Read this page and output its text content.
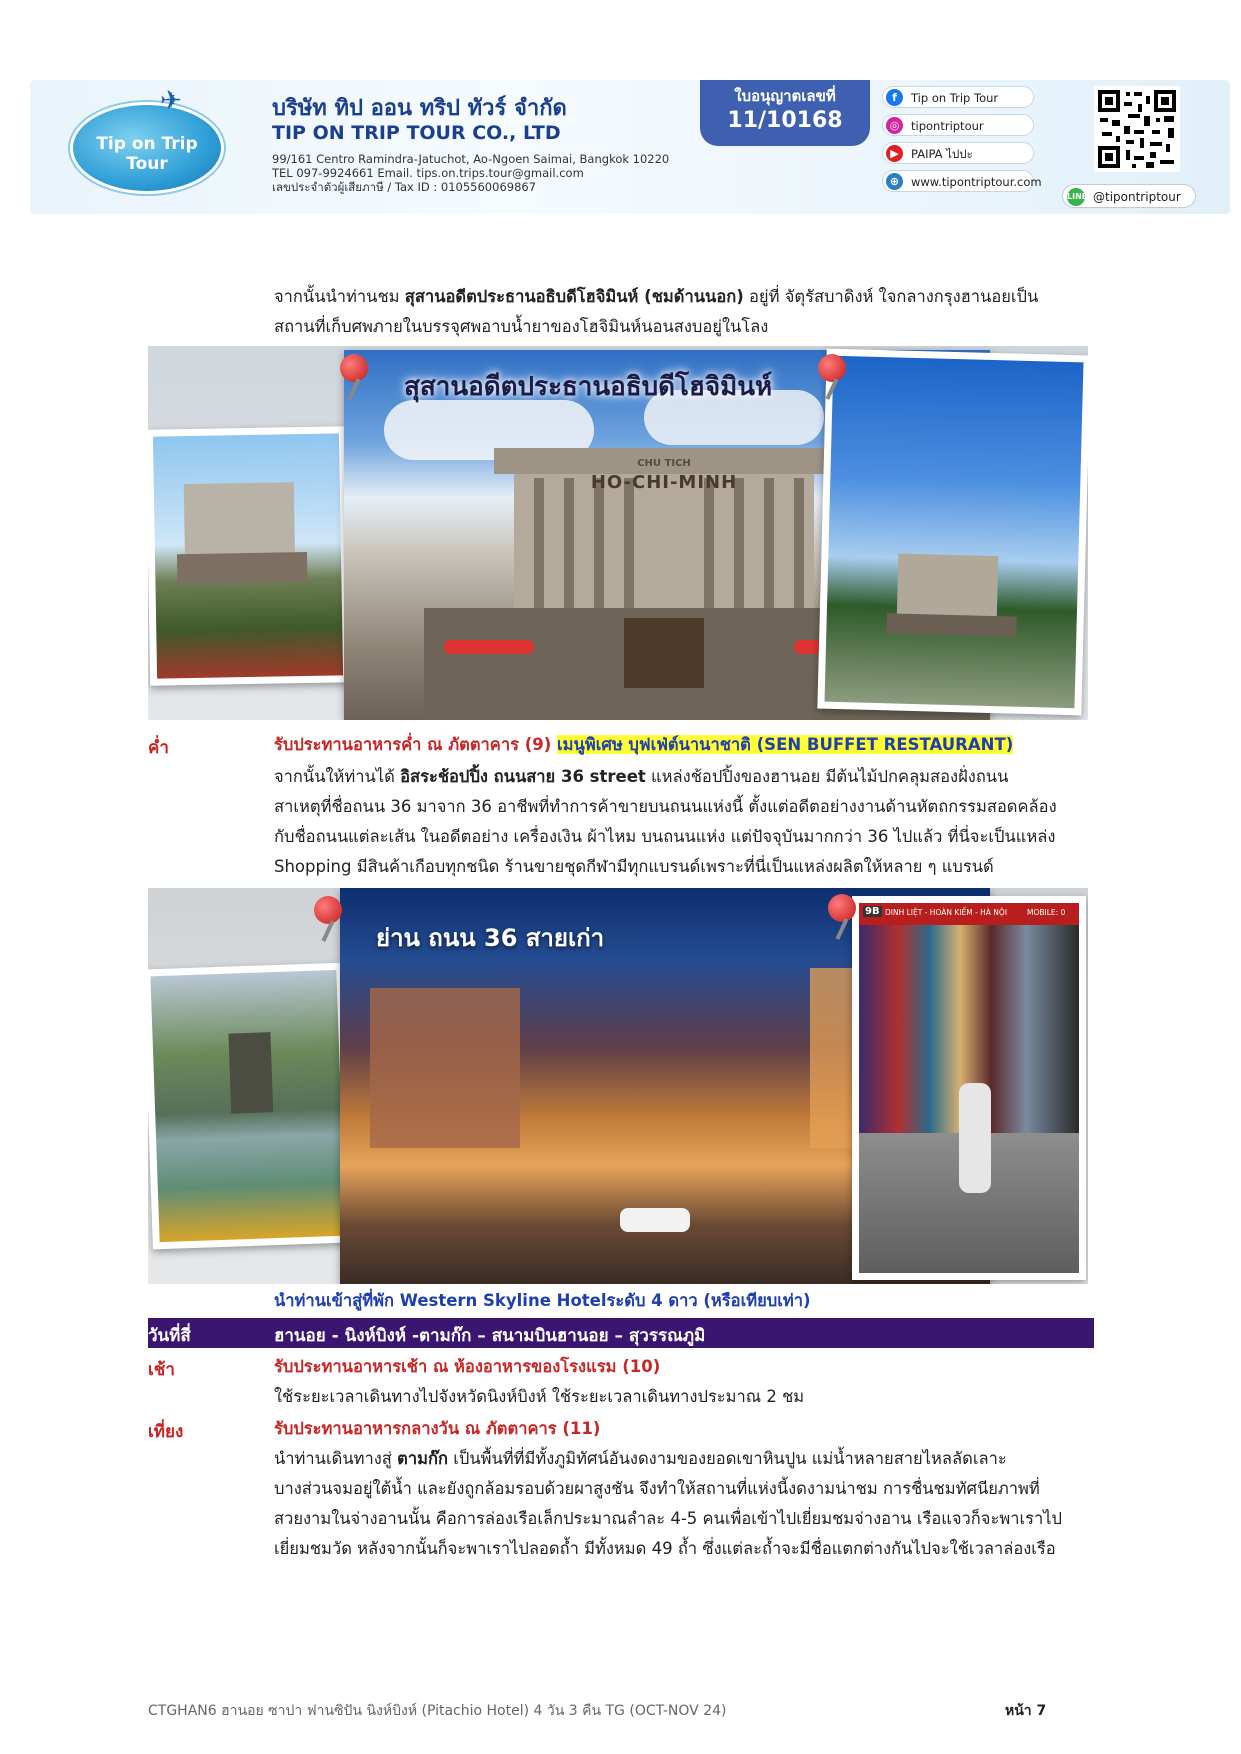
✈
Tip on Trip Tour
บริษัท ทิป ออน ทริป ทัวร์ จำกัด
TIP ON TRIP TOUR CO., LTD
99/161 Centro Ramindra-Jatuchot, Ao-Ngoen Saimai, Bangkok 10220
TEL 097-9924661 Email. tips.on.trips.tour@gmail.com
เลขประจำตัวผู้เสียภาษี / Tax ID : 0105560069867
ใบอนุญาตเลขที่
11/10168
f	Tip on Trip Tour
◎	tipontriptour
▶	PAIPA ไปปะ
⊕	www.tipontriptour.com
LINE @tipontriptour
จากนั้นนำท่านชม สุสานอดีตประธานอธิบดีโฮจิมินห์ (ชมด้านนอก) อยู่ที่ จัตุรัสบาดิงห์ ใจกลางกรุงฮานอยเป็น
สถานที่เก็บศพภายในบรรจุศพอาบน้ำยาของโฮจิมินห์นอนสงบอยู่ในโลง
CHU TICH
HO-CHI-MINH
สุสานอดีตประธานอธิบดีโฮจิมินห์
ค่ำ	รับประทานอาหารค่ำ ณ ภัตตาคาร (9) เมนูพิเศษ บุฟเฟ่ต์นานาชาติ (SEN BUFFET RESTAURANT)
จากนั้นให้ท่านได้ อิสระช้อปปิ้ง ถนนสาย 36 street แหล่งช้อปปิ้งของฮานอย มีต้นไม้ปกคลุมสองฝั่งถนน
สาเหตุที่ชื่อถนน 36 มาจาก 36 อาชีพที่ทำการค้าขายบนถนนแห่งนี้ ตั้งแต่อดีตอย่างงานด้านหัตถกรรมสอดคล้อง
กับชื่อถนนแต่ละเส้น ในอดีตอย่าง เครื่องเงิน ผ้าไหม บนถนนแห่ง แต่ปัจจุบันมากกว่า 36 ไปแล้ว ที่นี่จะเป็นแหล่ง
Shopping มีสินค้าเกือบทุกชนิด ร้านขายชุดกีฬามีทุกแบรนด์เพราะที่นี่เป็นแหล่งผลิตให้หลาย ๆ แบรนด์
ย่าน ถนน 36 สายเก่า
9B DINH LIỆT - HOÀN KIẾM - HÀ NỘI	MOBILE: 0
นำท่านเข้าสู่ที่พัก Western Skyline Hotelระดับ 4 ดาว (หรือเทียบเท่า)
วันที่สี่	ฮานอย - นิงห์บิงห์ -ตามก๊ก – สนามบินฮานอย – สุวรรณภูมิ
เช้า	รับประทานอาหารเช้า ณ ห้องอาหารของโรงแรม (10)
ใช้ระยะเวลาเดินทางไปจังหวัดนิงห์บิงห์ ใช้ระยะเวลาเดินทางประมาณ 2 ชม
เที่ยง	รับประทานอาหารกลางวัน ณ ภัตตาคาร (11)
นำท่านเดินทางสู่ ตามก๊ก เป็นพื้นที่ที่มีทั้งภูมิทัศน์อันงดงามของยอดเขาหินปูน แม่น้ำหลายสายไหลลัดเลาะ
บางส่วนจมอยู่ใต้น้ำ และยังถูกล้อมรอบด้วยผาสูงชัน จึงทำให้สถานที่แห่งนี้งดงามน่าชม การชื่นชมทัศนียภาพที่
สวยงามในจ่างอานนั้น คือการล่องเรือเล็กประมาณลำละ 4-5 คนเพื่อเข้าไปเยี่ยมชมจ่างอาน เรือแจวก็จะพาเราไป
เยี่ยมชมวัด หลังจากนั้นก็จะพาเราไปลอดถ้ำ มีทั้งหมด 49 ถ้ำ ซึ่งแต่ละถ้ำจะมีชื่อแตกต่างกันไปจะใช้เวลาล่องเรือ
CTGHAN6 ฮานอย ซาปา ฟานซิปัน นิงห์บิงห์ (Pitachio Hotel) 4 วัน 3 คืน TG (OCT-NOV 24)	หน้า 7
